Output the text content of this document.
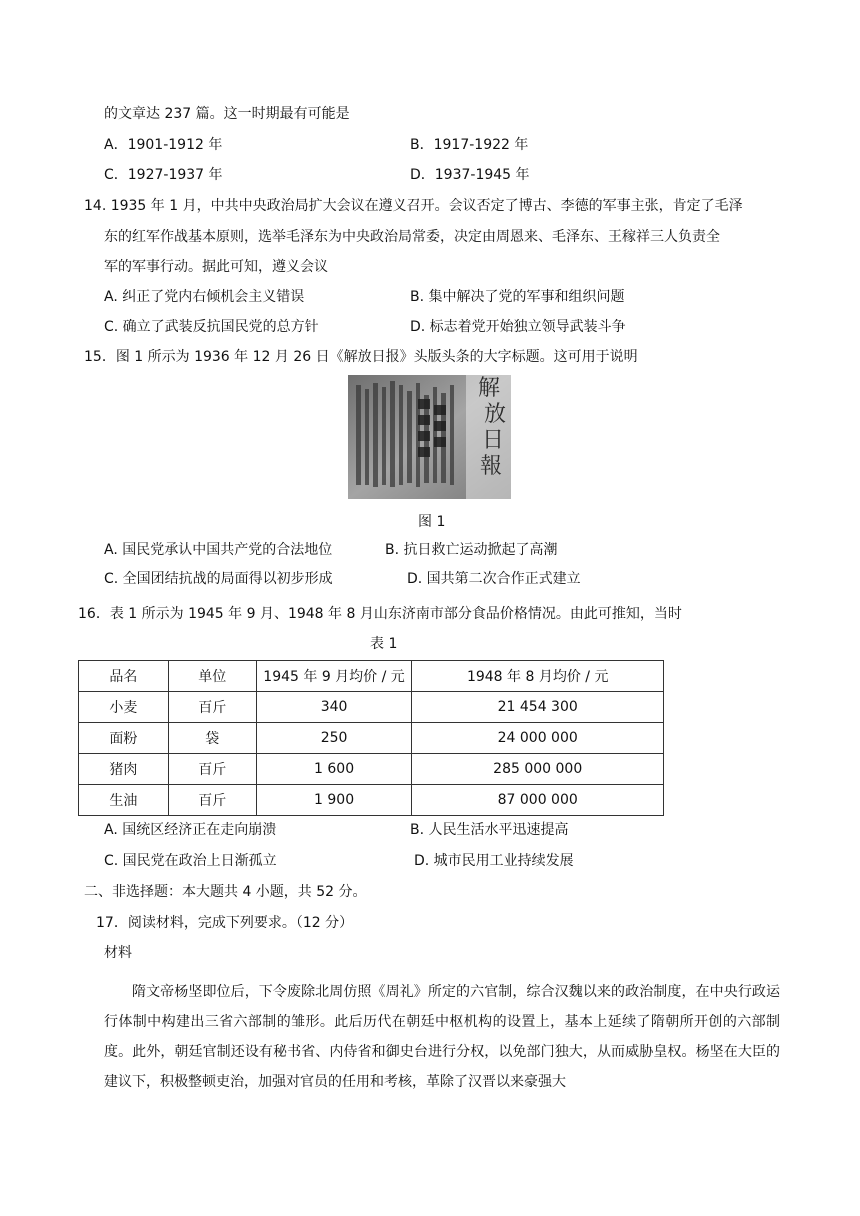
的文章达 237 篇。这一时期最有可能是
A．1901-1912 年	B．1917-1922 年
C．1927-1937 年	D．1937-1945 年
14. 1935 年 1 月，中共中央政治局扩大会议在遵义召开。会议否定了博古、李德的军事主张，肯定了毛泽
东的红军作战基本原则，选举毛泽东为中央政治局常委，决定由周恩来、毛泽东、王稼祥三人负责全
军的军事行动。据此可知，遵义会议
A. 纠正了党内右倾机会主义错误	B. 集中解决了党的军事和组织问题
C. 确立了武装反抗国民党的总方针	D. 标志着党开始独立领导武装斗争
15．图 1 所示为 1936 年 12 月 26 日《解放日报》头版头条的大字标题。这可用于说明
解
放
日
報
图 1
A. 国民党承认中国共产党的合法地位	B. 抗日救亡运动掀起了高潮
C. 全国团结抗战的局面得以初步形成	D. 国共第二次合作正式建立
16．表 1 所示为 1945 年 9 月、1948 年 8 月山东济南市部分食品价格情况。由此可推知，当时
表 1
品名	单位	1945 年 9 月均价 / 元	1948 年 8 月均价 / 元
小麦	百斤	340	21 454 300
面粉	袋	250	24 000 000
猪肉	百斤	1 600	285 000 000
生油	百斤	1 900	87 000 000
A. 国统区经济正在走向崩溃	B. 人民生活水平迅速提高
C. 国民党在政治上日渐孤立	D. 城市民用工业持续发展
二、非选择题：本大题共 4 小题，共 52 分。
17．阅读材料，完成下列要求。（12 分）
材料
隋文帝杨坚即位后，下令废除北周仿照《周礼》所定的六官制，综合汉魏以来的政治制度，在中央行政运行体制中构建出三省六部制的雏形。此后历代在朝廷中枢机构的设置上，基本上延续了隋朝所开创的六部制度。此外，朝廷官制还设有秘书省、内侍省和御史台进行分权，以免部门独大，从而威胁皇权。杨坚在大臣的建议下，积极整顿吏治，加强对官员的任用和考核，革除了汉晋以来豪强大
